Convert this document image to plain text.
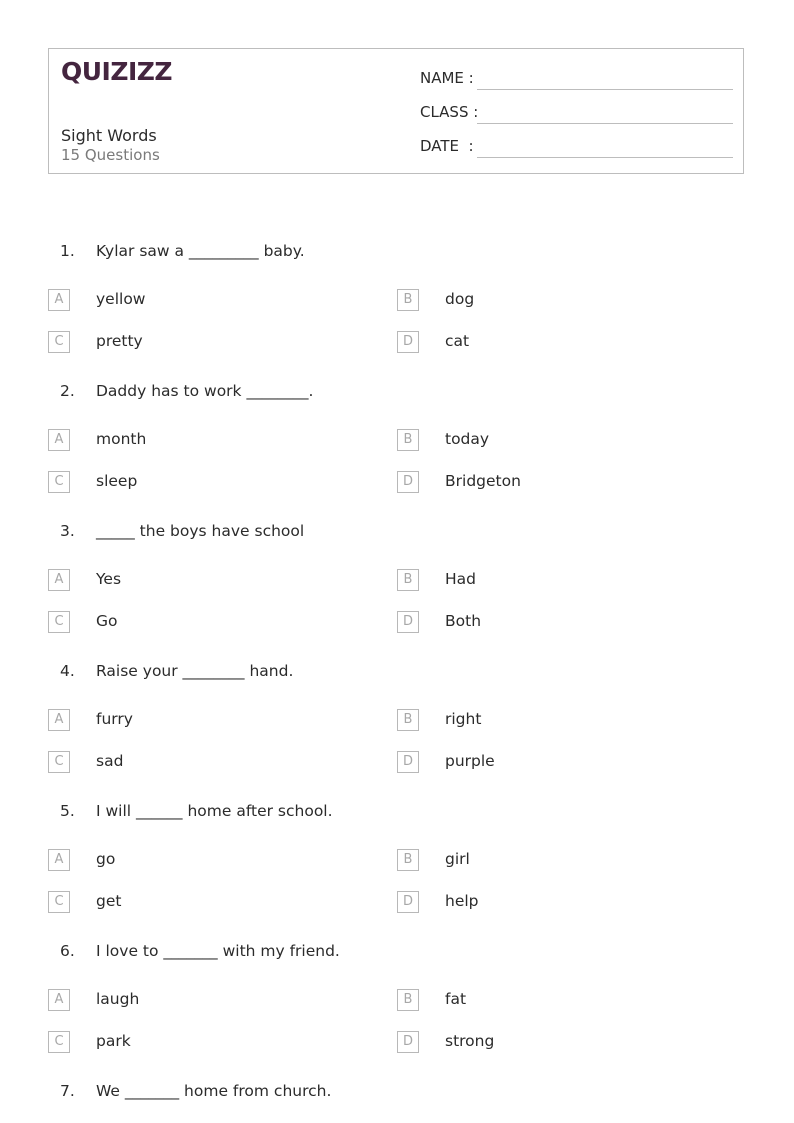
QUIZIZZ
Sight Words
15 Questions
NAME :
CLASS :
DATE  :
1. Kylar saw a _________ baby.
A	yellow	B	dog
C	pretty	D	cat
2. Daddy has to work ________.
A	month	B	today
C	sleep	D	Bridgeton
3. _____ the boys have school
A	Yes	B	Had
C	Go	D	Both
4. Raise your ________ hand.
A	furry	B	right
C	sad	D	purple
5. I will ______ home after school.
A	go	B	girl
C	get	D	help
6. I love to _______ with my friend.
A	laugh	B	fat
C	park	D	strong
7. We _______ home from church.
